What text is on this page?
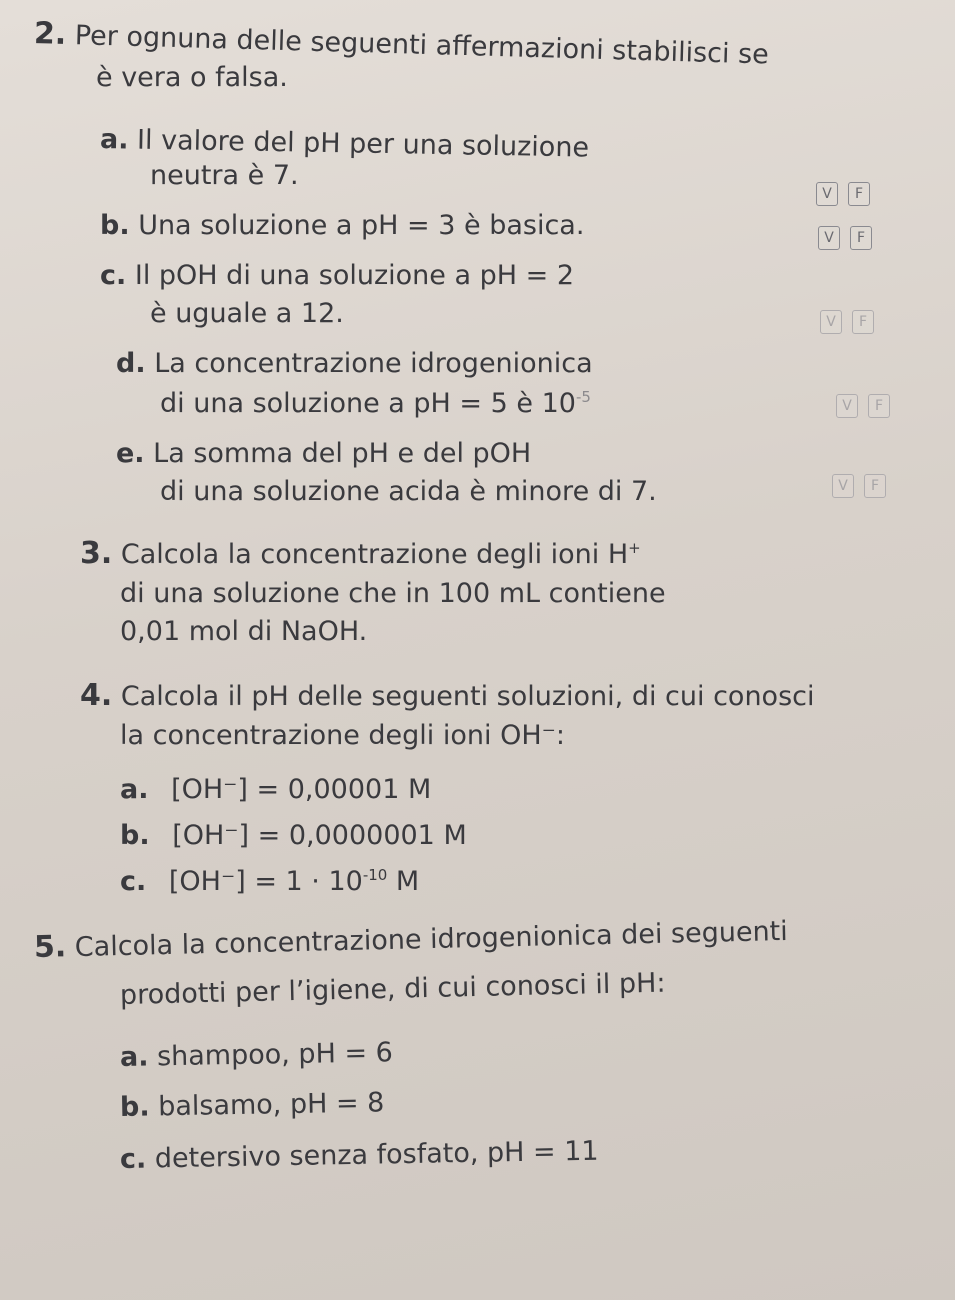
2. Per ognuna delle seguenti affermazioni stabilisci se
è vera o falsa.
a. Il valore del pH per una soluzione
neutra è 7.
V	F
b. Una soluzione a pH = 3 è basica.	V	F
c. Il pOH di una soluzione a pH = 2
è uguale a 12.	V	F
d. La concentrazione idrogenionica
di una soluzione a pH = 5 è $10^{-5}$	V	F
e. La somma del pH e del pOH
di una soluzione acida è minore di 7.	V	F
3. Calcola la concentrazione degli ioni H+
di una soluzione che in 100 mL contiene
0,01 mol di NaOH.
4. Calcola il pH delle seguenti soluzioni, di cui conosci
la concentrazione degli ioni OH⁻:
a. [OH⁻] = 0,00001 M
b. [OH⁻] = 0,0000001 M
c. $[OH^-] = 1 \cdot 10^{-10}$ M
5. Calcola la concentrazione idrogenionica dei seguenti
prodotti per l’igiene, di cui conosci il pH:
a. shampoo, pH = 6
b. balsamo, pH = 8
c. detersivo senza fosfato, pH = 11
